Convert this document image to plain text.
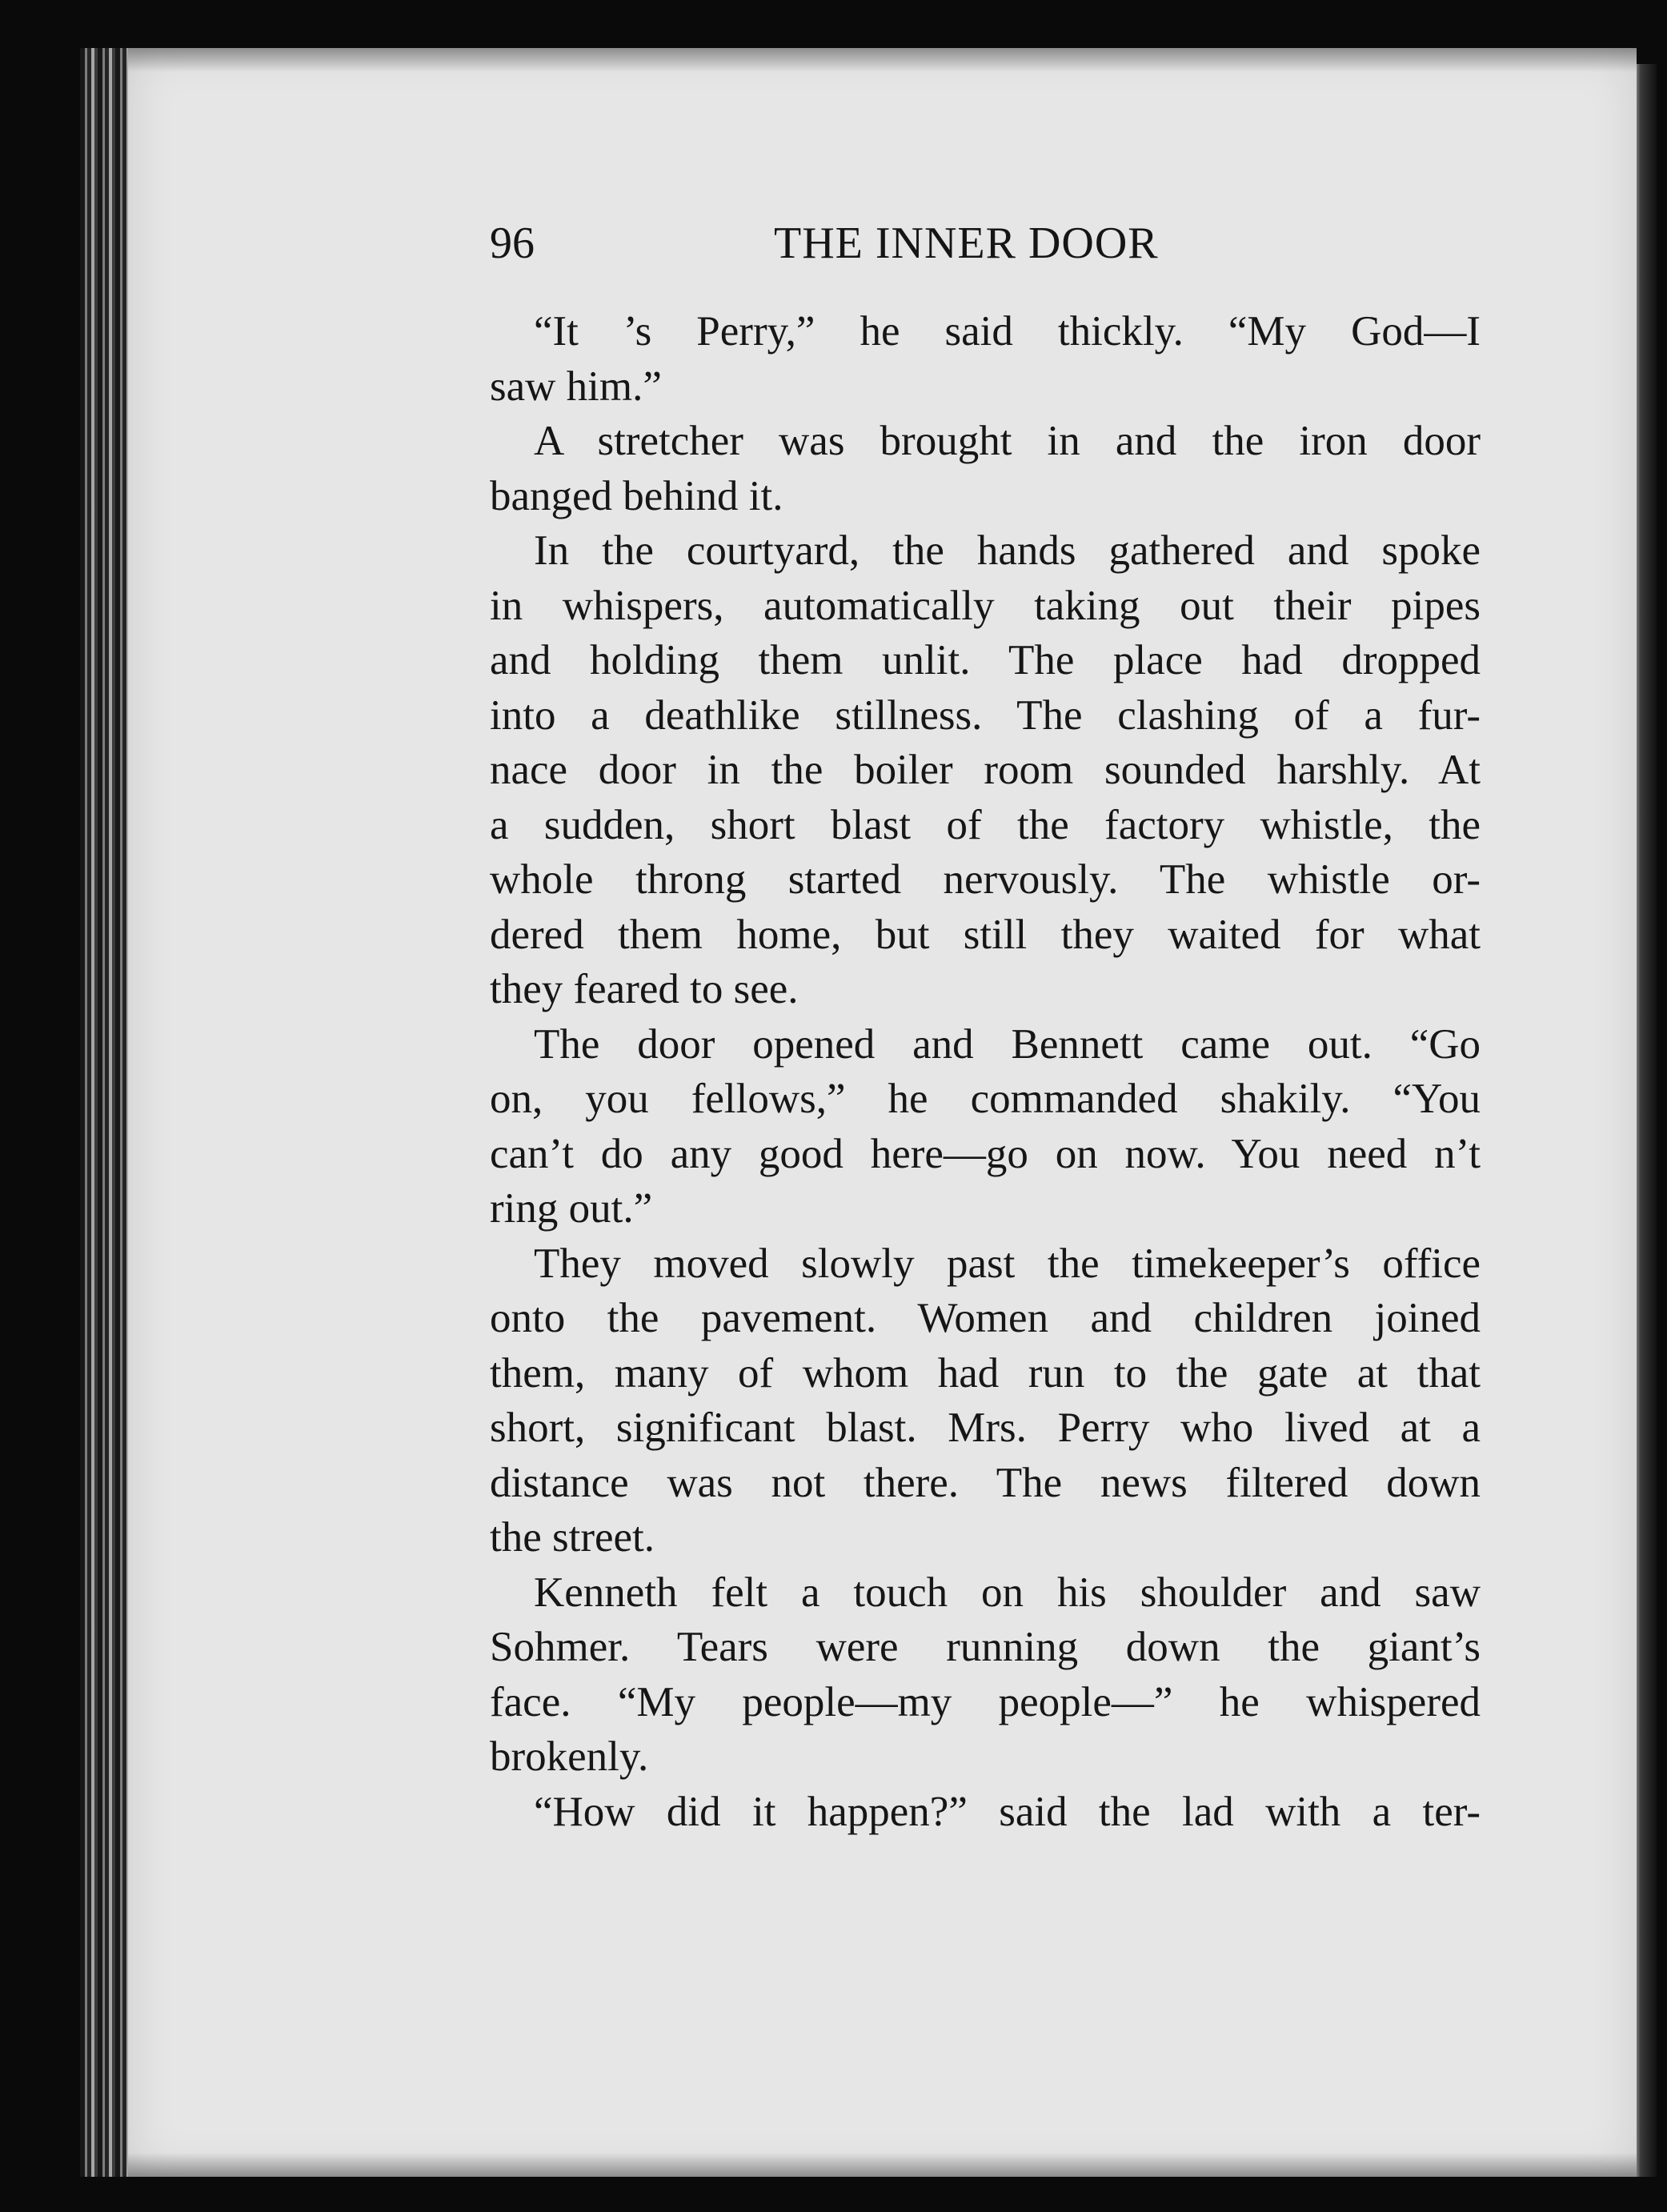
96	THE INNER DOOR
“It ’s Perry,” he said thickly. “My God—I
saw him.”
A stretcher was brought in and the iron door
banged behind it.
In the courtyard, the hands gathered and spoke
in whispers, automatically taking out their pipes
and holding them unlit. The place had dropped
into a deathlike stillness. The clashing of a fur-
nace door in the boiler room sounded harshly. At
a sudden, short blast of the factory whistle, the
whole throng started nervously. The whistle or-
dered them home, but still they waited for what
they feared to see.
The door opened and Bennett came out. “Go
on, you fellows,” he commanded shakily. “You
can’t do any good here—go on now. You need n’t
ring out.”
They moved slowly past the timekeeper’s office
onto the pavement. Women and children joined
them, many of whom had run to the gate at that
short, significant blast. Mrs. Perry who lived at a
distance was not there. The news filtered down
the street.
Kenneth felt a touch on his shoulder and saw
Sohmer. Tears were running down the giant’s
face. “My people—my people—” he whispered
brokenly.
“How did it happen?” said the lad with a ter-
